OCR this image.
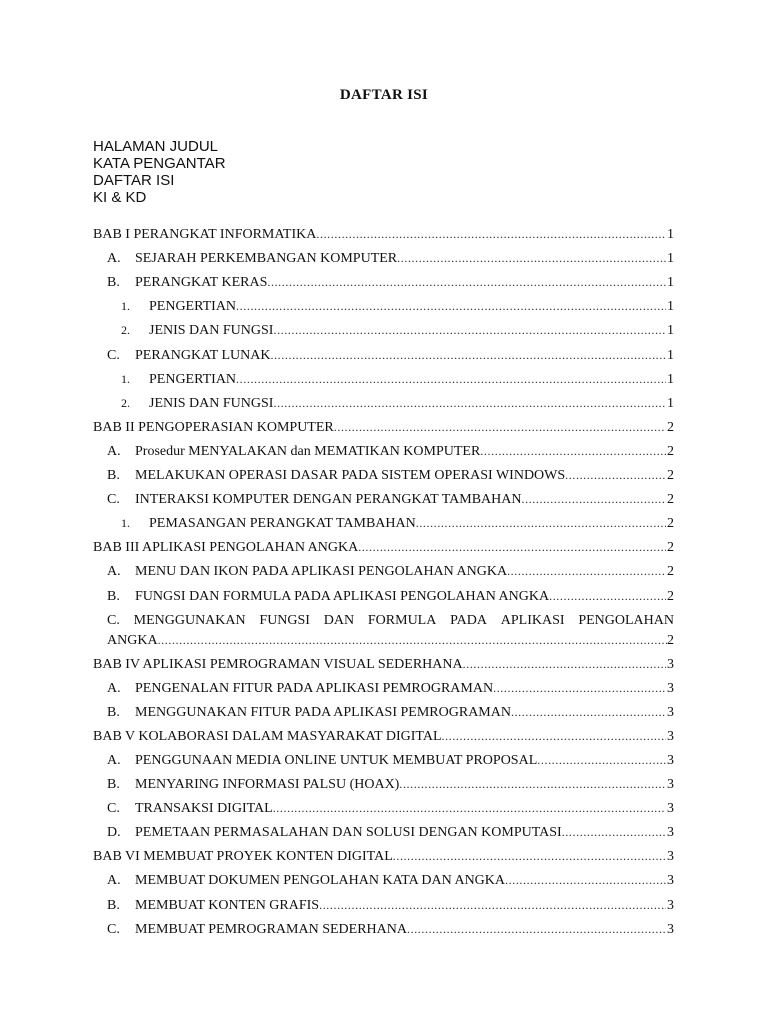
DAFTAR ISI
HALAMAN JUDUL
KATA PENGANTAR
DAFTAR ISI
KI & KD
BAB I PERANGKAT INFORMATIKA .....	1
A.	SEJARAH PERKEMBANGAN KOMPUTER .....	1
B.	PERANGKAT KERAS .....	1
1.	PENGERTIAN .....	1
2.	JENIS DAN FUNGSI .....	1
C.	PERANGKAT LUNAK .....	1
1.	PENGERTIAN .....	1
2.	JENIS DAN FUNGSI .....	1
BAB II PENGOPERASIAN KOMPUTER .....	2
A.	Prosedur MENYALAKAN dan MEMATIKAN KOMPUTER .....	2
B.	MELAKUKAN OPERASI DASAR PADA SISTEM OPERASI WINDOWS .....	2
C.	INTERAKSI KOMPUTER DENGAN PERANGKAT TAMBAHAN .....	2
1.	PEMASANGAN PERANGKAT TAMBAHAN .....	2
BAB III APLIKASI PENGOLAHAN ANGKA .....	2
A.	MENU DAN IKON PADA APLIKASI PENGOLAHAN ANGKA .....	2
B.	FUNGSI DAN FORMULA PADA APLIKASI PENGOLAHAN ANGKA .....	2
C. MENGGUNAKAN FUNGSI DAN FORMULA PADA APLIKASI PENGOLAHAN
ANGKA .....	2
BAB IV APLIKASI PEMROGRAMAN VISUAL SEDERHANA .....	3
A.	PENGENALAN FITUR PADA APLIKASI PEMROGRAMAN .....	3
B.	MENGGUNAKAN FITUR PADA APLIKASI PEMROGRAMAN .....	3
BAB V KOLABORASI DALAM MASYARAKAT DIGITAL .....	3
A.	PENGGUNAAN MEDIA ONLINE UNTUK MEMBUAT PROPOSAL .....	3
B.	MENYARING INFORMASI PALSU (HOAX) .....	3
C.	TRANSAKSI DIGITAL .....	3
D.	PEMETAAN PERMASALAHAN DAN SOLUSI DENGAN KOMPUTASI .....	3
BAB VI MEMBUAT PROYEK KONTEN DIGITAL .....	3
A.	MEMBUAT DOKUMEN PENGOLAHAN KATA DAN ANGKA .....	3
B.	MEMBUAT KONTEN GRAFIS .....	3
C.	MEMBUAT PEMROGRAMAN SEDERHANA .....	3
